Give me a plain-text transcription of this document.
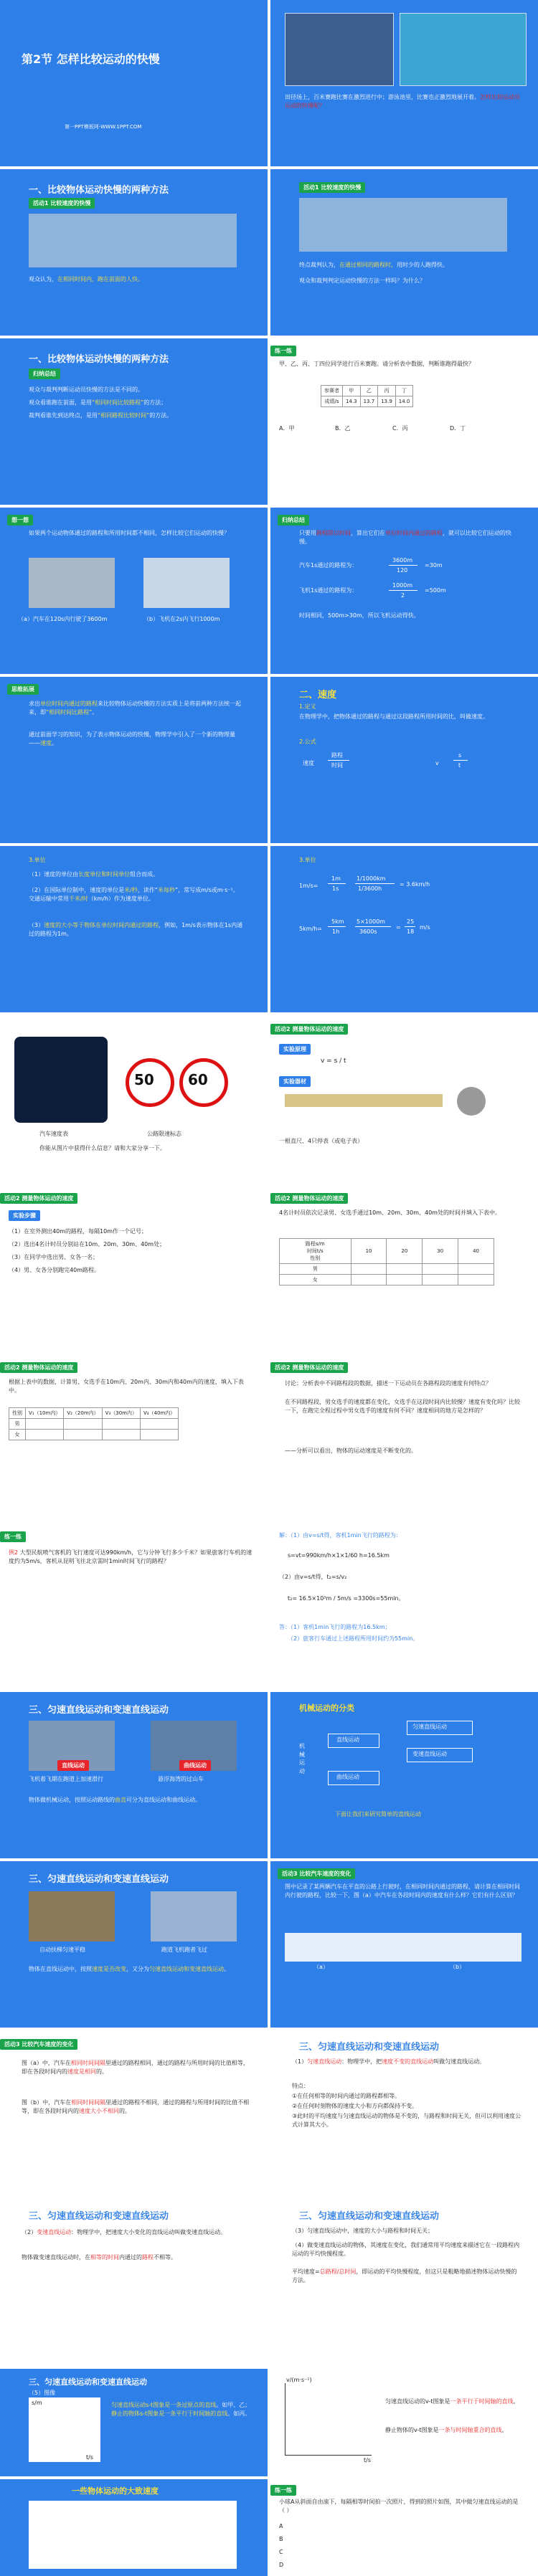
第2节 怎样比较运动的快慢
第一PPT模板网-WWW.1PPT.COM
田径场上，百米赛跑比赛在激烈进行中；游泳池里，比赛也正激烈地展开着。怎样比较运动员运动的快慢呢？
一、比较物体运动快慢的两种方法
活动1 比较速度的快慢
观众认为，在相同时间内，跑在前面的人快。
活动1 比较速度的快慢
终点裁判认为，在通过相同的路程时，用时少的人跑得快。
观众和裁判判定运动快慢的方法一样吗？为什么？
一、比较物体运动快慢的两种方法
归纳总结
观众与裁判判断运动员快慢的方法是不同的。
观众看谁跑在前面，是用“相同时间比较路程”的方法；
裁判看谁先到达终点，是用“相同路程比较时间”的方法。
练一练
甲、乙、丙、丁四位同学进行百米赛跑。请分析表中数据，判断谁跑得最快？
参赛者	甲	乙	丙	丁
成绩/s	14.3	13.7	13.9	14.0
A．甲	B．乙	C．丙	D．丁
想一想
如果两个运动物体通过的路程和所用时间都不相同，怎样比较它们运动的快慢？
（a）汽车在120s内行驶了3600m	（b）飞机在2s内飞行1000m
归纳总结
只要用路程除以时间，算出它们在单位时间内通过的路程，就可以比较它们运动的快慢。
汽车1s通过的路程为：
3600m
120
=30m
飞机1s通过的路程为：
1000m
2
=500m
时间相同，500m>30m，所以飞机运动得快。
思维拓展
求出单位时间内通过的路程来比较物体运动快慢的方法实质上是将前两种方法统一起来，即“相同时间比路程”。
通过前面学习的知识，为了表示物体运动的快慢，物理学中引入了一个新的物理量——速度。
二、速度
1.定义
在物理学中，把物体通过的路程与通过这段路程所用时间的比，叫做速度。
2.公式
速度
路程
时间	v
s
t
3.单位
（1）速度的单位由长度单位和时间单位组合而成。
（2）在国际单位制中，速度的单位是米/秒，读作“米每秒”，常写成m/s或m·s⁻¹。交通运输中常用千米/时（km/h）作为速度单位。
（3）速度的大小等于物体在单位时间内通过的路程，例如，1m/s表示物体在1s内通过的路程为1m。
3.单位
1m/s=
1m
1s
1/1000km
1/3600h
= 3.6km/h
5km/h=
5km
1h
5×1000m
3600s
=
25
18
m/s
50 60
汽车速度表	公路限速标志
你能从图片中获得什么信息？请和大家分享一下。
活动2 测量物体运动的速度
实验原理
v = s / t
实验器材
一根直尺、4只停表（或电子表）
活动2 测量物体运动的速度
实验步骤
（1）在室外测出40m的路程，每隔10m作一个记号；
（2）选出4名计时员分别站在10m、20m、30m、40m处；
（3）在同学中选出男、女各一名；
（4）男、女各分别跑完40m路程。
活动2 测量物体运动的速度
4名计时员依次记录男、女选手通过10m、20m、30m、40m处的时间并填入下表中。
路程s/m
时间t/s
性别	10	20	30	40
男				
女				
活动2 测量物体运动的速度
根据上表中的数据，计算男、女选手在10m内、20m内、30m内和40m内的速度，填入下表中。
性别	V₁（10m内）	V₂（20m内）	V₃（30m内）	V₄（40m内）
男				
女				
活动2 测量物体运动的速度
讨论：分析表中不同路程段的数据，描述一下运动员在各路程段的速度有何特点？
在不同路程段，男女选手的速度都在变化，女选手在这段时间内比较慢？速度有变化吗？比较一下，在跑完全程过程中男女选手的速度有何不同？速度相同的地方是怎样的？
——分析可以看出，物体的运动速度是不断变化的。
练一练
例2 大型民航喷气客机的飞行速度可达990km/h，它与分钟飞行多少千米？如果旅客行车机的速度约为5m/s，客机从昆明飞往北京需时1min时间飞行的路程？
解：（1）由v=s/t得，客机1min飞行的路程为：
s=vt=990km/h×1×1/60 h=16.5km
（2）由v=s/t得，t₂=s/v₂
t₂= 16.5×10³m / 5m/s =3300s=55min。
答：（1）客机1min飞行的路程为16.5km；
（2）旅客行车通过上述路程所用时间约为55min。
三、匀速直线运动和变速直线运动
直线运动	曲线运动
飞机着飞期在跑道上加速滑行	悬浮海湾的过山车
物体做机械运动，按照运动路线的曲直可分为直线运动和曲线运动。
机械运动的分类
机械运动
直线运动
曲线运动
匀速直线运动
变速直线运动
下面让我们来研究简单的直线运动
三、匀速直线运动和变速直线运动
自动扶梯匀速平稳	跑道飞机跑者飞过
物体在直线运动中，按照速度是否改变，又分为匀速直线运动和变速直线运动。
活动3 比较汽车速度的变化
图中记录了某两辆汽车在平直的公路上行驶时，在相同时间内通过的路程，请计算在相同时间内行驶的路程，比较一下，图（a）中汽车在各段时间内的速度有什么样？它们有什么区别？
（a）	（b）
活动3 比较汽车速度的变化
图（a）中，汽车在相同时间间隔里通过的路程相同，通过的路程与所用时间的比值相等，即在各段时间内的速度是相同的。
图（b）中，汽车在相同时间间隔里通过的路程不相同，通过的路程与所用时间的比值不相等，即在各段时间内的速度大小不相同的。
三、匀速直线运动和变速直线运动
（1）匀速直线运动：物理学中，把速度不变的直线运动叫做匀速直线运动。
特点：
①在任何相等的时间内通过的路程都相等。
②在任何时刻物体的速度大小和方向都保持不变。
③此时的平均速度与匀速直线运动的物体是不变的，与路程和时间无关，但可以利用速度公式计算其大小。
三、匀速直线运动和变速直线运动
（2）变速直线运动：物理学中，把速度大小变化的直线运动叫做变速直线运动。
物体做变速直线运动时，在相等的时间内通过的路程不相等。
三、匀速直线运动和变速直线运动
（3）匀速直线运动中，速度的大小与路程和时间无关；
（4）做变速直线运动的物体，其速度在变化，我们通常用平均速度来描述它在一段路程内运动的平均快慢程度。
平均速度=总路程/总时间，即运动的平均快慢程度，但这只是粗略地描述物体运动快慢的方法。
三、匀速直线运动和变速直线运动
（5）图像
s/m
t/s
匀速直线运动s-t图象是一条过原点的直线。如甲、乙；静止的物体s-t图象是一条平行于时间轴的直线。如丙。
v/(m·s⁻¹)
t/s
匀速直线运动的v-t图象是一条平行于时间轴的直线。
静止物体的v-t图象是一条与时间轴重合的直线。
一些物体运动的大致速度	练一练
小球A从斜面自由滚下，每隔相等时间拍一次照片，得到的照片如图，其中做匀速直线运动的是（ ）
A
B
C
D
